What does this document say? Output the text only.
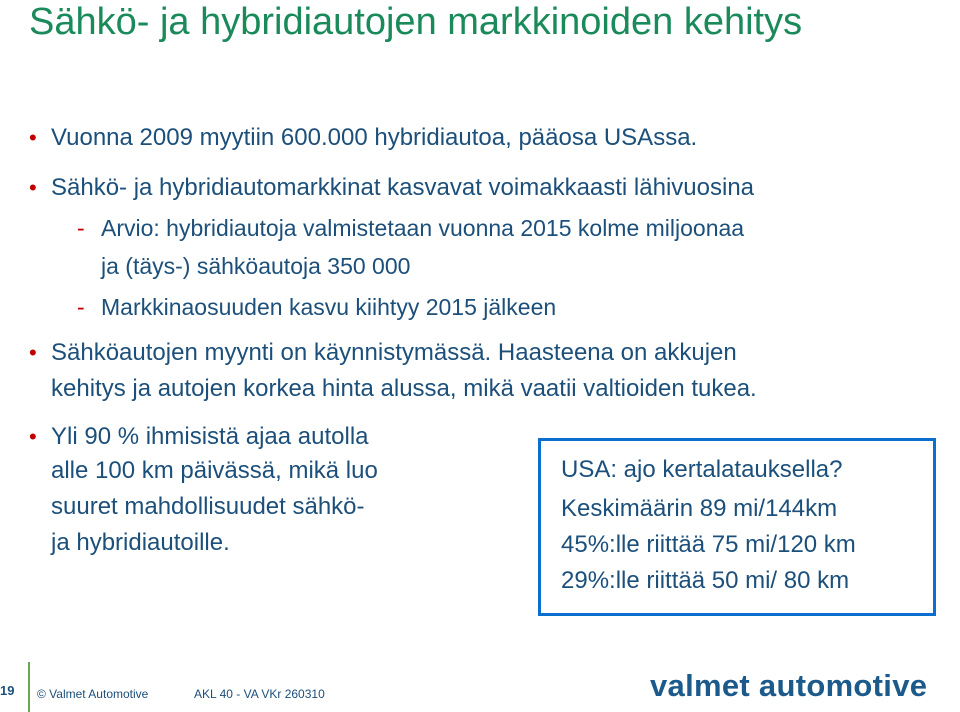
Sähkö- ja hybridiautojen markkinoiden kehitys
• Vuonna 2009 myytiin 600.000 hybridiautoa, pääosa USAssa.
• Sähkö- ja hybridiautomarkkinat kasvavat voimakkaasti lähivuosina
- Arvio: hybridiautoja valmistetaan vuonna 2015 kolme miljoonaa
ja (täys-) sähköautoja 350 000
- Markkinaosuuden kasvu kiihtyy 2015 jälkeen
• Sähköautojen myynti on käynnistymässä. Haasteena on akkujen
kehitys ja autojen korkea hinta alussa, mikä vaatii valtioiden tukea.
• Yli 90 % ihmisistä ajaa autolla
alle 100 km päivässä, mikä luo
suuret mahdollisuudet sähkö-
ja hybridiautoille.
USA: ajo kertalatauksella?
Keskimäärin 89 mi/144km
45%:lle riittää 75 mi/120 km
29%:lle riittää 50 mi/ 80 km
19 © Valmet Automotive	AKL 40 - VA VKr 260310	valmet automotive
